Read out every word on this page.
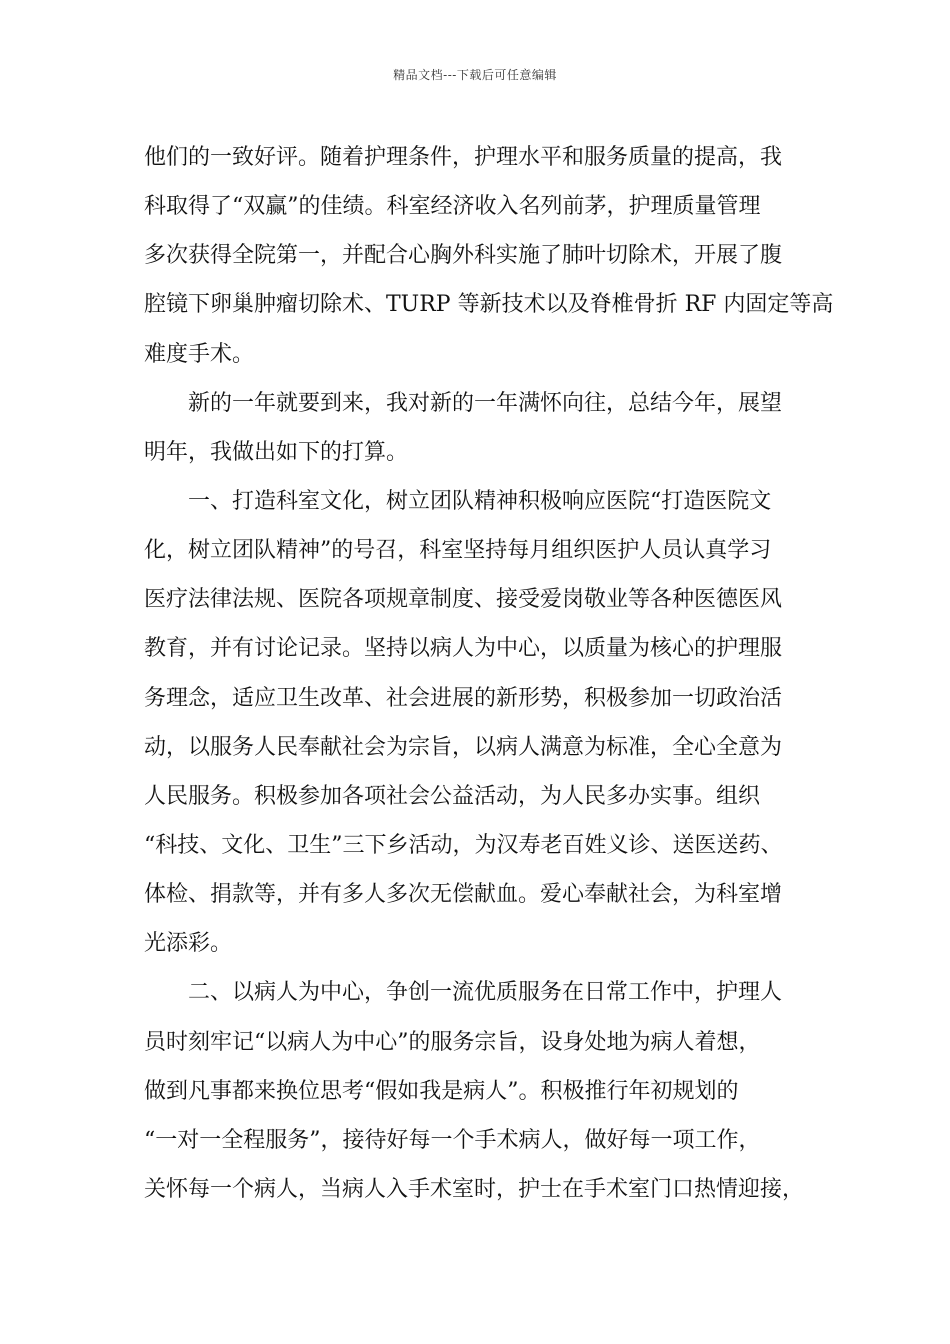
精品文档---下载后可任意编辑
他们的一致好评。随着护理条件，护理水平和服务质量的提高，我
科取得了“双赢”的佳绩。科室经济收入名列前茅，护理质量管理
多次获得全院第一，并配合心胸外科实施了肺叶切除术，开展了腹
腔镜下卵巢肿瘤切除术、TURP 等新技术以及脊椎骨折 RF 内固定等高
难度手术。
新的一年就要到来，我对新的一年满怀向往，总结今年，展望
明年，我做出如下的打算。
一、打造科室文化，树立团队精神积极响应医院“打造医院文
化，树立团队精神”的号召，科室坚持每月组织医护人员认真学习
医疗法律法规、医院各项规章制度、接受爱岗敬业等各种医德医风
教育，并有讨论记录。坚持以病人为中心，以质量为核心的护理服
务理念，适应卫生改革、社会进展的新形势，积极参加一切政治活
动，以服务人民奉献社会为宗旨，以病人满意为标准，全心全意为
人民服务。积极参加各项社会公益活动，为人民多办实事。组织
“科技、文化、卫生”三下乡活动，为汉寿老百姓义诊、送医送药、
体检、捐款等，并有多人多次无偿献血。爱心奉献社会，为科室增
光添彩。
二、以病人为中心，争创一流优质服务在日常工作中，护理人
员时刻牢记“以病人为中心”的服务宗旨，设身处地为病人着想，
做到凡事都来换位思考“假如我是病人”。积极推行年初规划的
“一对一全程服务”，接待好每一个手术病人，做好每一项工作，
关怀每一个病人，当病人入手术室时，护士在手术室门口热情迎接，
